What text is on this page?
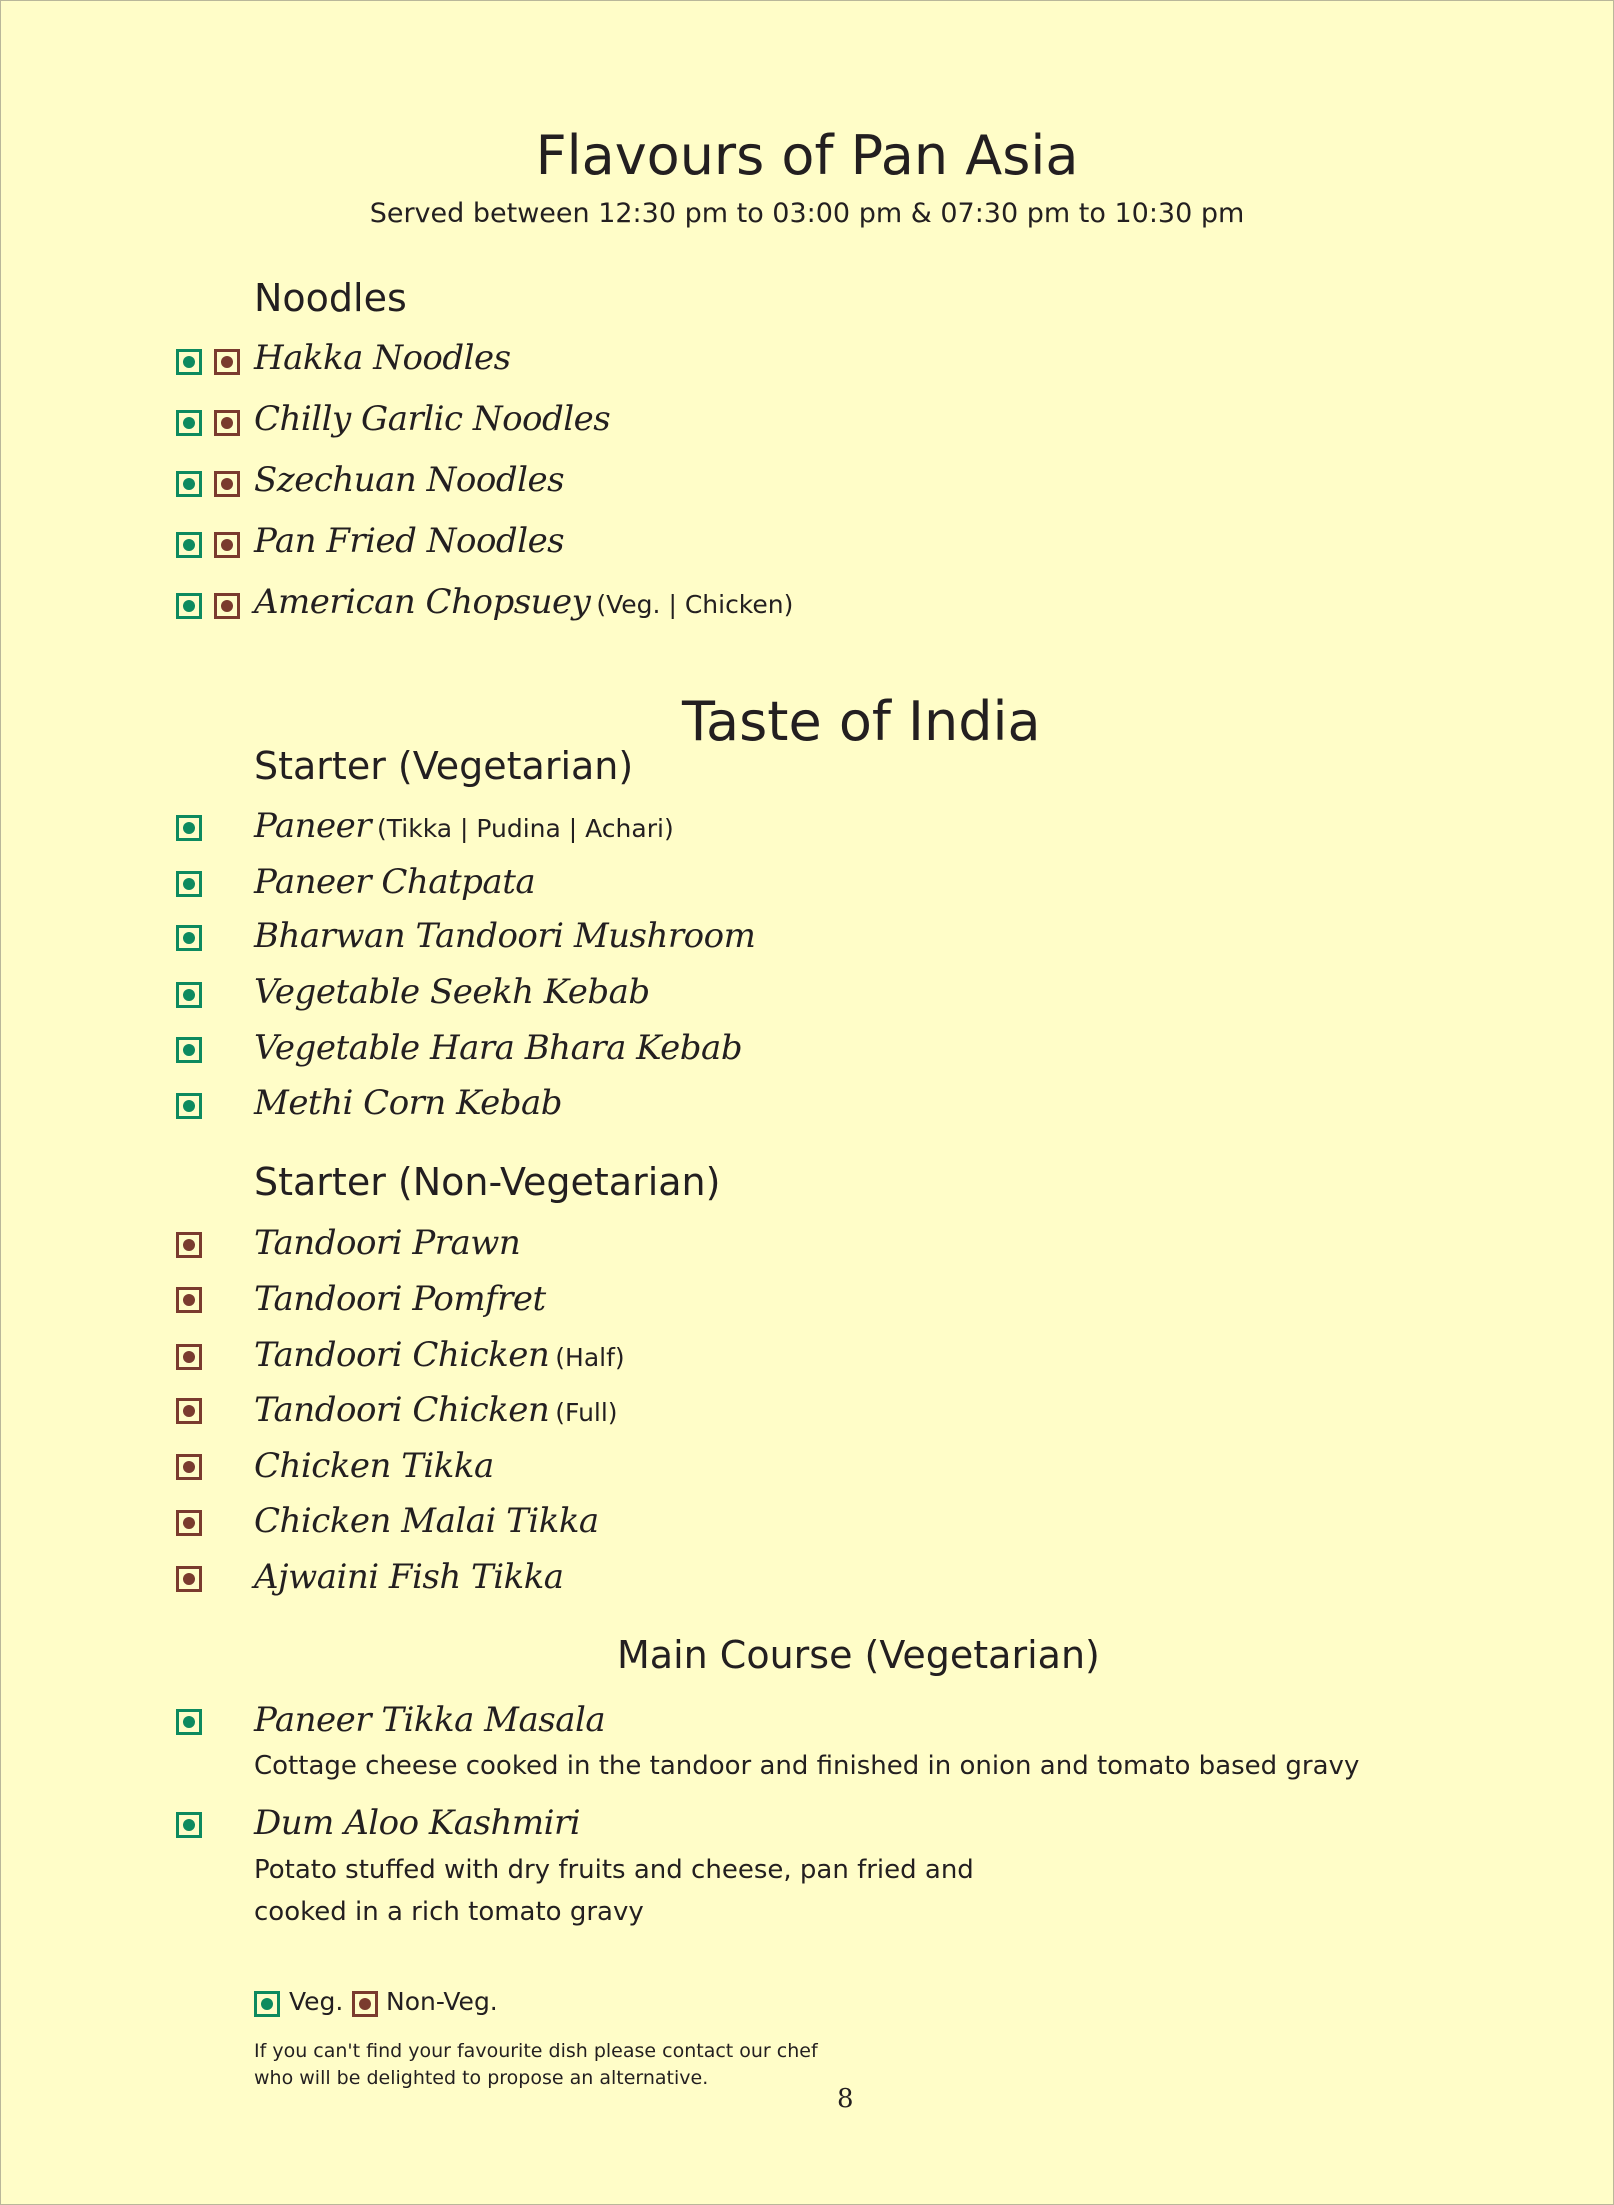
Flavours of Pan Asia
Served between 12:30 pm to 03:00 pm & 07:30 pm to 10:30 pm
Noodles
Hakka Noodles
Chilly Garlic Noodles
Szechuan Noodles
Pan Fried Noodles
American Chopsuey (Veg. | Chicken)
Taste of India
Starter (Vegetarian)
Paneer (Tikka | Pudina | Achari)
Paneer Chatpata
Bharwan Tandoori Mushroom
Vegetable Seekh Kebab
Vegetable Hara Bhara Kebab
Methi Corn Kebab
Starter (Non-Vegetarian)
Tandoori Prawn
Tandoori Pomfret
Tandoori Chicken (Half)
Tandoori Chicken (Full)
Chicken Tikka
Chicken Malai Tikka
Ajwaini Fish Tikka
Main Course (Vegetarian)
Paneer Tikka Masala
Cottage cheese cooked in the tandoor and finished in onion and tomato based gravy
Dum Aloo Kashmiri
Potato stuffed with dry fruits and cheese, pan fried and
cooked in a rich tomato gravy
Veg. Non-Veg.
If you can't find your favourite dish please contact our chef
who will be delighted to propose an alternative.
8
